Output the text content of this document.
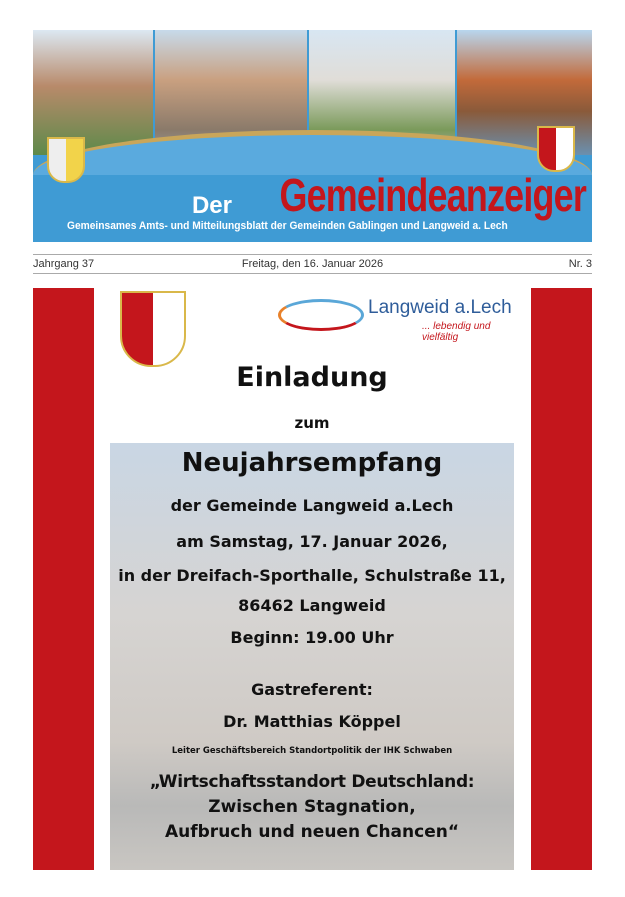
Der Gemeindeanzeiger
Gemeinsames Amts- und Mitteilungsblatt der Gemeinden Gablingen und Langweid a. Lech
Jahrgang 37	Freitag, den 16. Januar 2026	Nr. 3
Langweid a.Lech
... lebendig und vielfältig
Einladung
zum
Neujahrsempfang
der Gemeinde Langweid a.Lech
am Samstag, 17. Januar 2026,
in der Dreifach-Sporthalle, Schulstraße 11,
86462 Langweid
Beginn: 19.00 Uhr
Gastreferent:
Dr. Matthias Köppel
Leiter Geschäftsbereich Standortpolitik der IHK Schwaben
„Wirtschaftsstandort Deutschland:
Zwischen Stagnation,
Aufbruch und neuen Chancen“
